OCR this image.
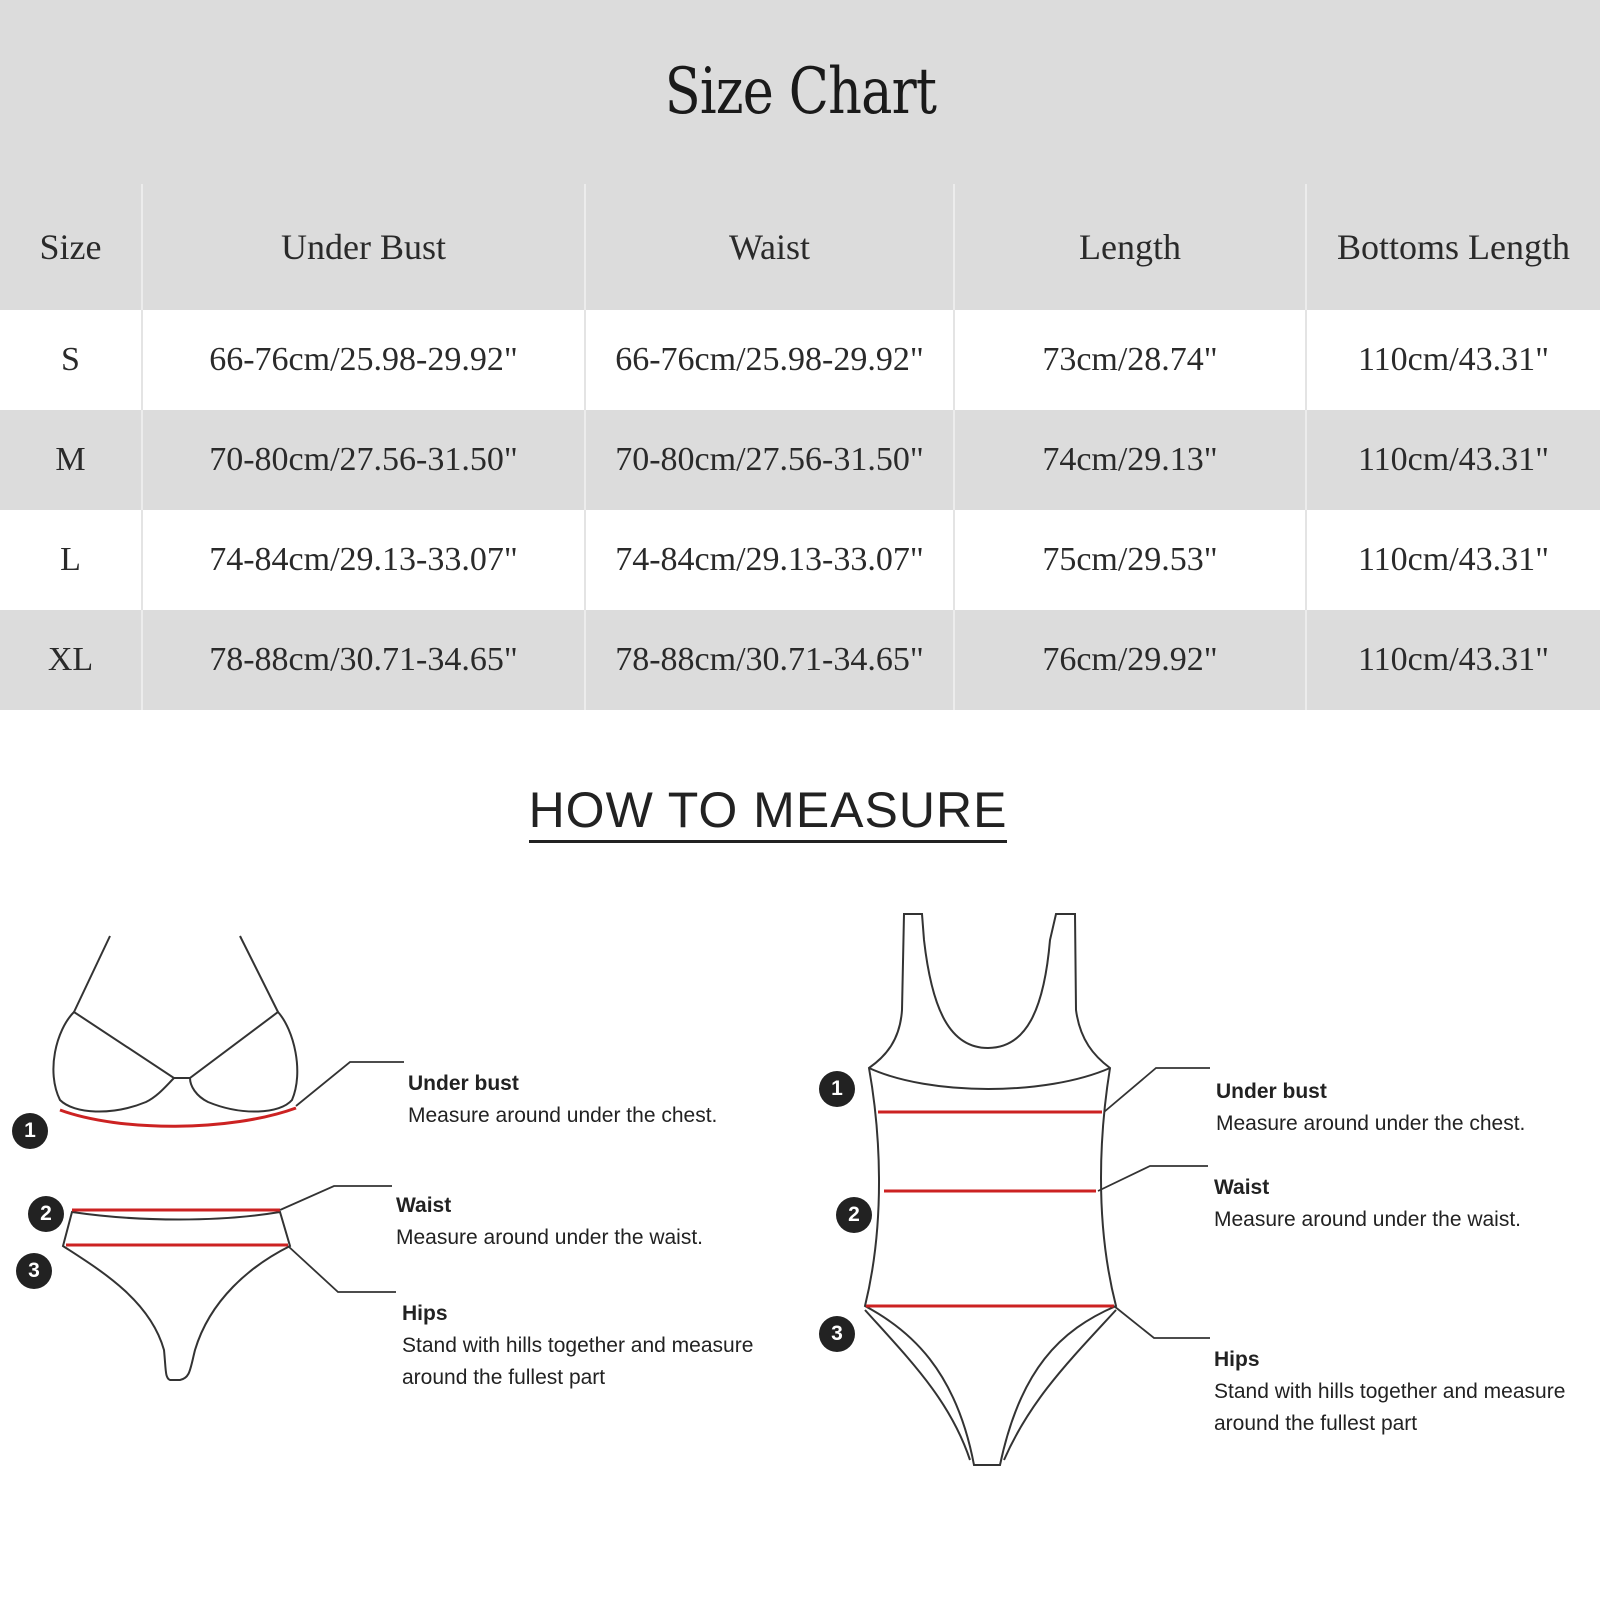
Size Chart
Size	Under Bust	Waist	Length	Bottoms Length
S	66-76cm/25.98-29.92"	66-76cm/25.98-29.92"	73cm/28.74"	110cm/43.31"
M	70-80cm/27.56-31.50"	70-80cm/27.56-31.50"	74cm/29.13"	110cm/43.31"
L	74-84cm/29.13-33.07"	74-84cm/29.13-33.07"	75cm/29.53"	110cm/43.31"
XL	78-88cm/30.71-34.65"	78-88cm/30.71-34.65"	76cm/29.92"	110cm/43.31"
HOW TO MEASURE
1
2
3
Under bust
Measure around under the chest.
Waist
Measure around under the waist.
Hips
Stand with hills together and measure
around the fullest part
1
2
3
Under bust
Measure around under the chest.
Waist
Measure around under the waist.
Hips
Stand with hills together and measure
around the fullest part
